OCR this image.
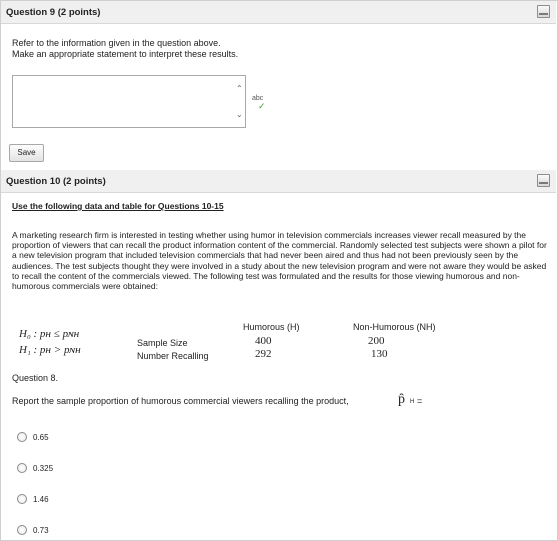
Question 9 (2 points)
Refer to the information given in the question above.
Make an appropriate statement to interpret these results.
⌃
⌄
abc
✓
Save
Question 10 (2 points)
Use the following data and table for Questions 10-15
A marketing research firm is interested in testing whether using humor in television commercials increases viewer recall measured by the proportion of viewers that can recall the product information content of the commercial. Randomly selected test subjects were shown a pilot for a new television program that included television commercials that had never been aired and thus had not been previously seen by the audiences. The test subjects thought they were involved in a study about the new television program and were not aware they would be asked to recall the content of the commercials viewed. The following test was formulated and the results for those viewing humorous and non-humorous commercials were obtained:
H₀ : pʜ ≤ pɴʜ
H₁ : pʜ > pɴʜ
Humorous (H)	Non-Humorous (NH)
Sample Size	400	200
Number Recalling	292	130
Question 8.
Report the sample proportion of humorous commercial viewers recalling the product,	p̂ H =
0.65
0.325
1.46
0.73
